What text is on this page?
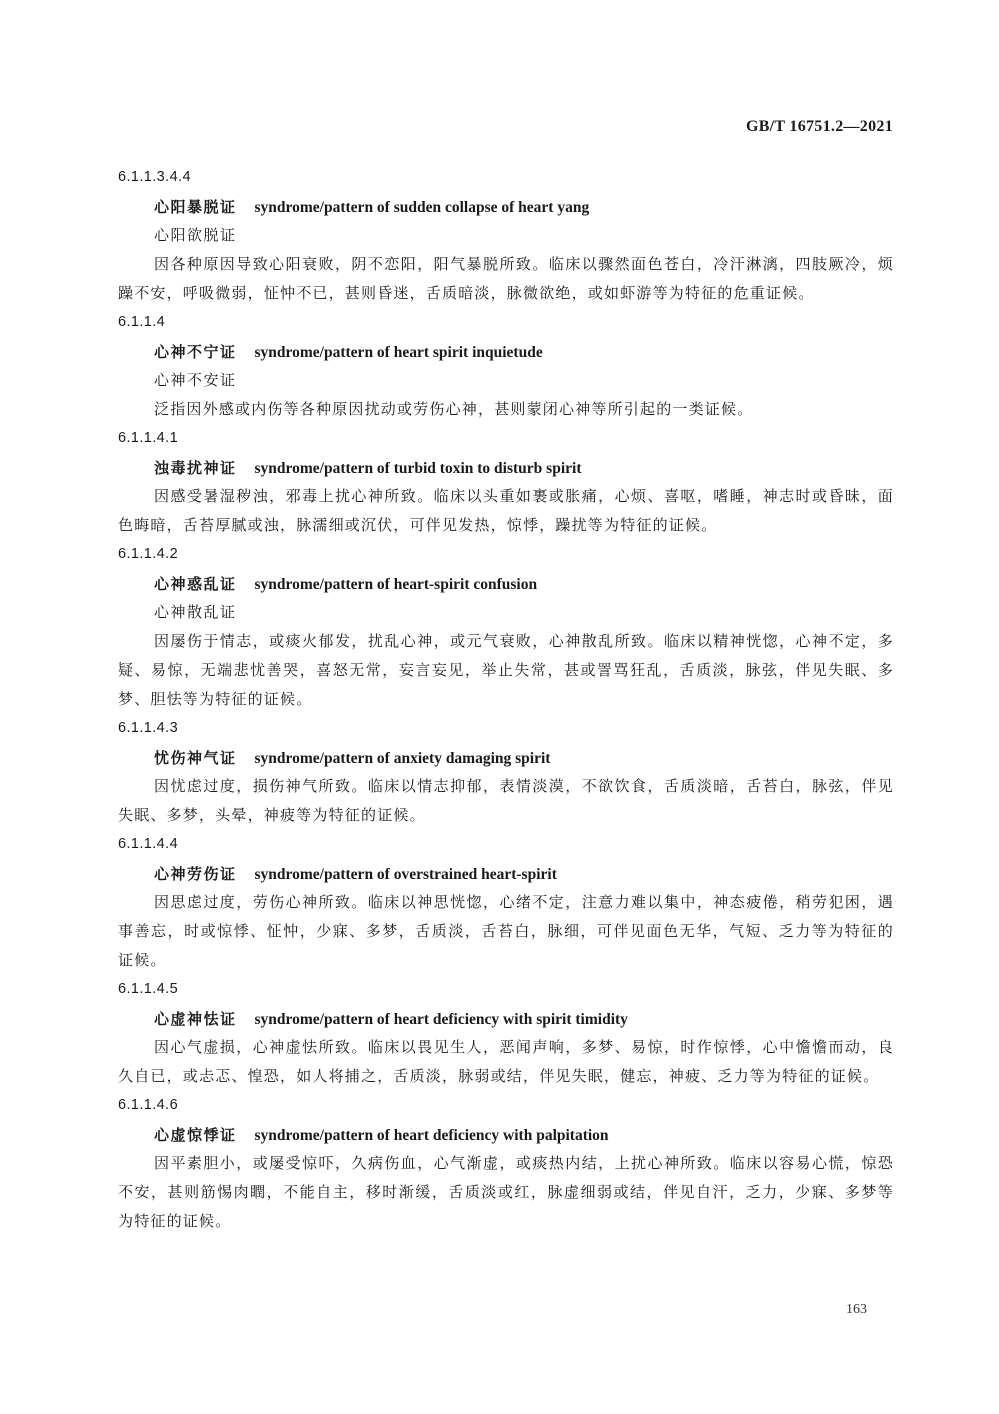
GB/T 16751.2—2021
6.1.1.3.4.4
心阳暴脱证 syndrome/pattern of sudden collapse of heart yang
心阳欲脱证

因各种原因导致心阳衰败，阴不恋阳，阳气暴脱所致。临床以骤然面色苍白，冷汗淋漓，四肢厥冷，烦躁不安，呼吸微弱，怔忡不已，甚则昏迷，舌质暗淡，脉微欲绝，或如虾游等为特征的危重证候。

6.1.1.4
心神不宁证 syndrome/pattern of heart spirit inquietude
心神不安证

泛指因外感或内伤等各种原因扰动或劳伤心神，甚则蒙闭心神等所引起的一类证候。

6.1.1.4.1
浊毒扰神证 syndrome/pattern of turbid toxin to disturb spirit

因感受暑湿秽浊，邪毒上扰心神所致。临床以头重如裹或胀痛，心烦、喜呕，嗜睡，神志时或昏昧，面色晦暗，舌苔厚腻或浊，脉濡细或沉伏，可伴见发热，惊悸，躁扰等为特征的证候。

6.1.1.4.2
心神惑乱证 syndrome/pattern of heart-spirit confusion
心神散乱证

因屡伤于情志，或痰火郁发，扰乱心神，或元气衰败，心神散乱所致。临床以精神恍惚，心神不定，多疑、易惊，无端悲忧善哭，喜怒无常，妄言妄见，举止失常，甚或詈骂狂乱，舌质淡，脉弦，伴见失眠、多梦、胆怯等为特征的证候。

6.1.1.4.3
忧伤神气证 syndrome/pattern of anxiety damaging spirit

因忧虑过度，损伤神气所致。临床以情志抑郁，表情淡漠，不欲饮食，舌质淡暗，舌苔白，脉弦，伴见失眠、多梦，头晕，神疲等为特征的证候。

6.1.1.4.4
心神劳伤证 syndrome/pattern of overstrained heart-spirit

因思虑过度，劳伤心神所致。临床以神思恍惚，心绪不定，注意力难以集中，神态疲倦，稍劳犯困，遇事善忘，时或惊悸、怔忡，少寐、多梦，舌质淡，舌苔白，脉细，可伴见面色无华，气短、乏力等为特征的证候。

6.1.1.4.5
心虚神怯证 syndrome/pattern of heart deficiency with spirit timidity

因心气虚损，心神虚怯所致。临床以畏见生人，恶闻声响，多梦、易惊，时作惊悸，心中憺憺而动，良久自已，或忐忑、惶恐，如人将捕之，舌质淡，脉弱或结，伴见失眠，健忘，神疲、乏力等为特征的证候。

6.1.1.4.6
心虚惊悸证 syndrome/pattern of heart deficiency with palpitation

因平素胆小，或屡受惊吓，久病伤血，心气渐虚，或痰热内结，上扰心神所致。临床以容易心慌，惊恐不安，甚则筋惕肉瞤，不能自主，移时渐缓，舌质淡或红，脉虚细弱或结，伴见自汗，乏力，少寐、多梦等为特征的证候。

163
